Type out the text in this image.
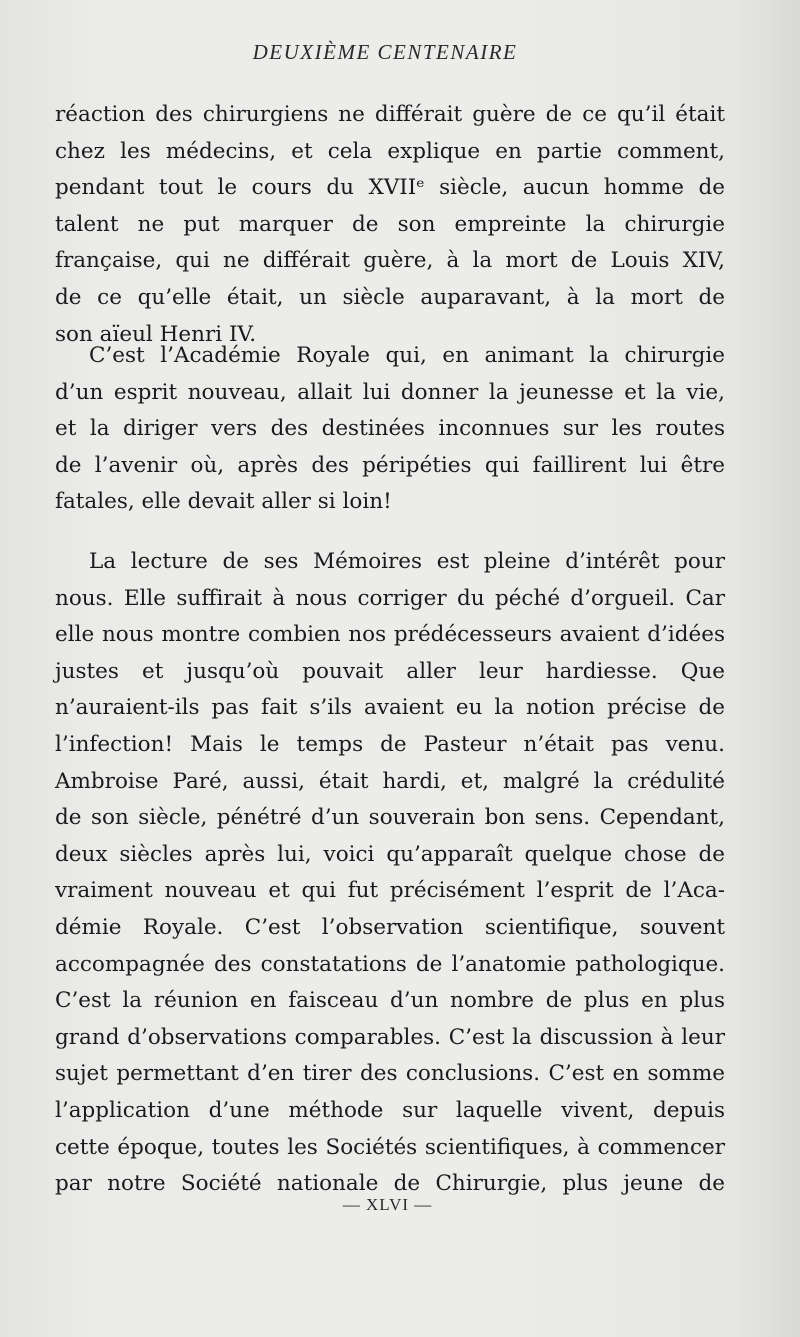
DEUXIÈME CENTENAIRE
réaction des chirurgiens ne différait guère de ce qu’il était
chez les médecins, et cela explique en partie comment,
pendant tout le cours du XVIIᵉ siècle, aucun homme de
talent ne put marquer de son empreinte la chirurgie
française, qui ne différait guère, à la mort de Louis XIV,
de ce qu’elle était, un siècle auparavant, à la mort de
son aïeul Henri IV.
C’est l’Académie Royale qui, en animant la chirurgie
d’un esprit nouveau, allait lui donner la jeunesse et la vie,
et la diriger vers des destinées inconnues sur les routes
de l’avenir où, après des péripéties qui faillirent lui être
fatales, elle devait aller si loin!
La lecture de ses Mémoires est pleine d’intérêt pour
nous. Elle suffirait à nous corriger du péché d’orgueil. Car
elle nous montre combien nos prédécesseurs avaient d’idées
justes et jusqu’où pouvait aller leur hardiesse. Que
n’auraient-ils pas fait s’ils avaient eu la notion précise de
l’infection! Mais le temps de Pasteur n’était pas venu.
Ambroise Paré, aussi, était hardi, et, malgré la crédulité
de son siècle, pénétré d’un souverain bon sens. Cependant,
deux siècles après lui, voici qu’apparaît quelque chose de
vraiment nouveau et qui fut précisément l’esprit de l’Aca-
démie Royale. C’est l’observation scientifique, souvent
accompagnée des constatations de l’anatomie pathologique.
C’est la réunion en faisceau d’un nombre de plus en plus
grand d’observations comparables. C’est la discussion à leur
sujet permettant d’en tirer des conclusions. C’est en somme
l’application d’une méthode sur laquelle vivent, depuis
cette époque, toutes les Sociétés scientifiques, à commencer
par notre Société nationale de Chirurgie, plus jeune de
— XLVI —
